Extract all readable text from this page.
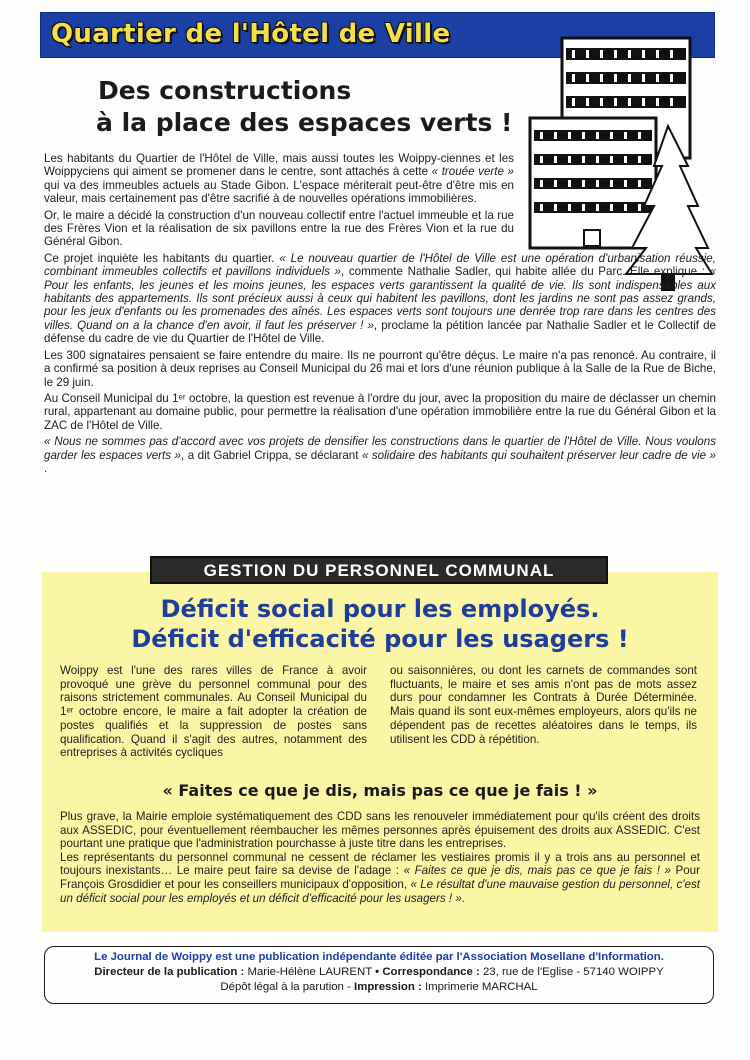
Quartier de l'Hôtel de Ville
Des constructions
à la place des espaces verts !

Les habitants du Quartier de l'Hôtel de Ville, mais aussi toutes les Woippy-ciennes et les Woippyciens qui aiment se promener dans le centre, sont attachés à cette « trouée verte » qui va des immeubles actuels au Stade Gibon. L'espace mériterait peut-être d'être mis en valeur, mais certainement pas d'être sacrifié à de nouvelles opérations immobilières.

Or, le maire a décidé la construction d'un nouveau collectif entre l'actuel immeuble et la rue des Frères Vion et la réalisation de six pavillons entre la rue des Frères Vion et la rue du Général Gibon.

Ce projet inquiète les habitants du quartier. « Le nouveau quartier de l'Hôtel de Ville est une opération d'urbanisation réussie, combinant immeubles collectifs et pavillons individuels », commente Nathalie Sadler, qui habite allée du Parc. Elle explique : « Pour les enfants, les jeunes et les moins jeunes, les espaces verts garantissent la qualité de vie. Ils sont indispensables aux habitants des appartements. Ils sont précieux aussi à ceux qui habitent les pavillons, dont les jardins ne sont pas assez grands, pour les jeux d'enfants ou les promenades des aînés. Les espaces verts sont toujours une denrée trop rare dans les centres des villes. Quand on a la chance d'en avoir, il faut les préserver ! », proclame la pétition lancée par Nathalie Sadler et le Collectif de défense du cadre de vie du Quartier de l'Hôtel de Ville.

Les 300 signataires pensaient se faire entendre du maire. Ils ne pourront qu'être déçus. Le maire n'a pas renoncé. Au contraire, il a confirmé sa position à deux reprises au Conseil Municipal du 26 mai et lors d'une réunion publique à la Salle de la Rue de Biche, le 29 juin.

Au Conseil Municipal du 1ᵉʳ octobre, la question est revenue à l'ordre du jour, avec la proposition du maire de déclasser un chemin rural, appartenant au domaine public, pour permettre la réalisation d'une opération immobilière entre la rue du Général Gibon et la ZAC de l'Hôtel de Ville.

« Nous ne sommes pas d'accord avec vos projets de densifier les constructions dans le quartier de l'Hôtel de Ville. Nous voulons garder les espaces verts », a dit Gabriel Crippa, se déclarant « solidaire des habitants qui souhaitent préserver leur cadre de vie » .

GESTION DU PERSONNEL COMMUNAL
Déficit social pour les employés.
Déficit d'efficacité pour les usagers !
Woippy est l'une des rares villes de France à avoir provoqué une grève du personnel communal pour des raisons strictement communales. Au Conseil Municipal du 1ᵉʳ octobre encore, le maire a fait adopter la création de postes qualifiés et la suppression de postes sans qualification. Quand il s'agit des autres, notamment des entreprises à activités cycliques
ou saisonnières, ou dont les carnets de commandes sont fluctuants, le maire et ses amis n'ont pas de mots assez durs pour condamner les Contrats à Durée Déterminée. Mais quand ils sont eux-mêmes employeurs, alors qu'ils ne dépendent pas de recettes aléatoires dans le temps, ils utilisent les CDD à répétition.
« Faites ce que je dis, mais pas ce que je fais ! »

Plus grave, la Mairie emploie systématiquement des CDD sans les renouveler immédiatement pour qu'ils créent des droits aux ASSEDIC, pour éventuellement réembaucher les mêmes personnes après épuisement des droits aux ASSEDIC. C'est pourtant une pratique que l'administration pourchasse à juste titre dans les entreprises.

Les représentants du personnel communal ne cessent de réclamer les vestiaires promis il y a trois ans au personnel et toujours inexistants… Le maire peut faire sa devise de l'adage : « Faites ce que je dis, mais pas ce que je fais ! » Pour François Grosdidier et pour les conseillers municipaux d'opposition, « Le résultat d'une mauvaise gestion du personnel, c'est un déficit social pour les employés et un déficit d'efficacité pour les usagers ! ».

Le Journal de Woippy est une publication indépendante éditée par l'Association Mosellane d'Information.
Directeur de la publication : Marie-Hélène LAURENT • Correspondance : 23, rue de l'Eglise - 57140 WOIPPY
Dépôt légal à la parution - Impression : Imprimerie MARCHAL
